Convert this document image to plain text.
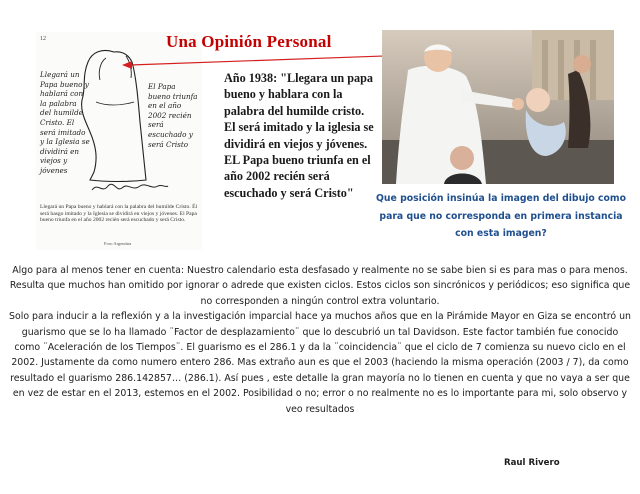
12
Llegará un Papa bueno y hablará con la palabra del humilde Cristo. El será imitado y la Iglesia se dividirá en viejos y jóvenes
El Papa bueno triunfa en el año 2002 recién será escuchado y será Cristo
Llegará un Papa bueno y hablará con la palabra del humilde Cristo. Él será hasgo imitado y la Iglesia se dividirá en viejos y jóvenes. El Papa bueno triunfa en el año 2002 recién será escuchado y será Cristo.
Foro Argentina
Una Opinión Personal
Año 1938: "Llegara un papa bueno y hablara con la palabra del humilde cristo. El será imitado y la iglesia se dividirá en viejos y jóvenes. EL Papa bueno triunfa en el año 2002 recién será escuchado y será Cristo"	Que posición insinúa la imagen del dibujo como para que no corresponda en primera instancia con esta imagen?

Algo para al menos tener en cuenta: Nuestro calendario esta desfasado y realmente no se sabe bien si es para mas o para menos. Resulta que muchos han omitido por ignorar o adrede que existen ciclos. Estos ciclos son sincrónicos y periódicos; eso significa que no corresponden a ningún control extra voluntario.

Solo para inducir a la reflexión y a la investigación imparcial hace ya muchos años que en la Pirámide Mayor en Giza se encontró un guarismo que se lo ha llamado ¨Factor de desplazamiento¨ que lo descubrió un tal Davidson. Este factor también fue conocido como ¨Aceleración de los Tiempos¨. El guarismo es el 286.1 y da la ¨coincidencia¨ que el ciclo de 7 comienza su nuevo ciclo en el 2002. Justamente da como numero entero 286. Mas extraño aun es que el 2003 (haciendo la misma operación (2003 / 7), da como resultado el guarismo 286.142857… (286.1). Así pues , este detalle la gran mayoría no lo tienen en cuenta y que no vaya a ser que en vez de estar en el 2013, estemos en el 2002. Posibilidad o no; error o no realmente no es lo importante para mi, solo observo y veo resultados

Raul Rivero
